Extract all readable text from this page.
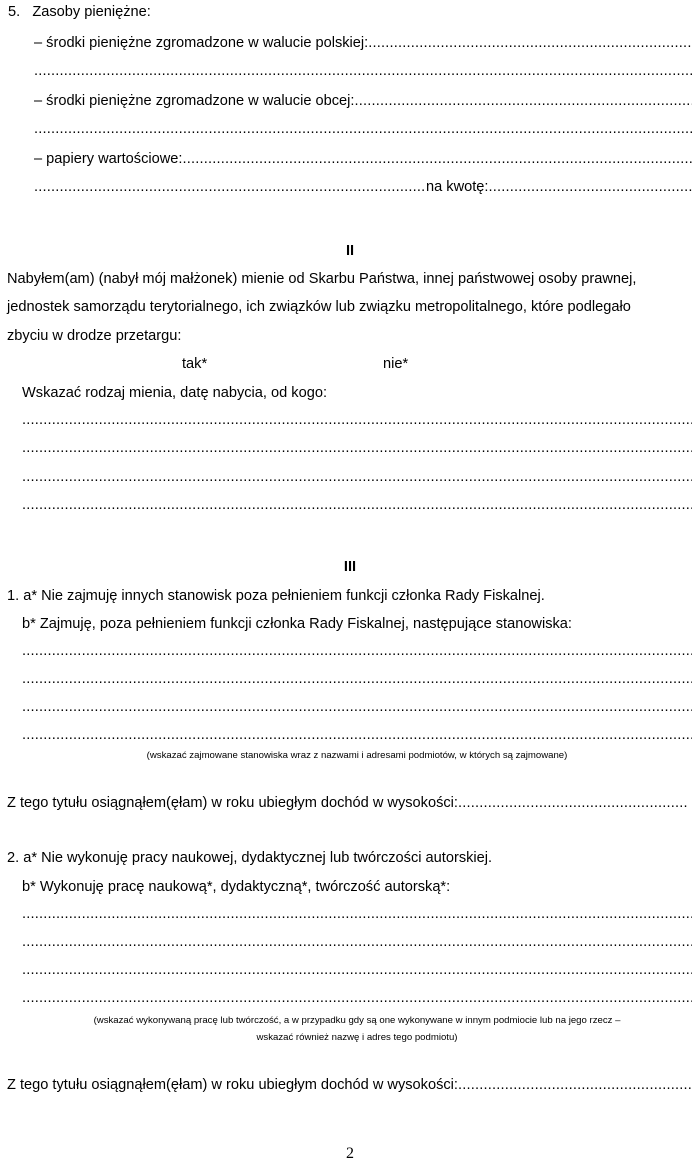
5.   Zasoby pieniężne:
– środki pieniężne zgromadzone w walucie polskiej:
.....
.....
– środki pieniężne zgromadzone w walucie obcej:
.....
.....
– papiery wartościowe:
.....
.....
na kwotę:
.....
II
Nabyłem(am) (nabył mój małżonek) mienie od Skarbu Państwa, innej państwowej osoby prawnej,
jednostek samorządu terytorialnego, ich związków lub związku metropolitalnego, które podlegało
zbyciu w drodze przetargu:
tak*	nie*
Wskazać rodzaj mienia, datę nabycia, od kogo:
.....
.....
.....
.....
III
1. a* Nie zajmuję innych stanowisk poza pełnieniem funkcji członka Rady Fiskalnej.
b* Zajmuję, poza pełnieniem funkcji członka Rady Fiskalnej, następujące stanowiska:
.....
.....
.....
.....
(wskazać zajmowane stanowiska wraz z nazwami i adresami podmiotów, w których są zajmowane)
Z tego tytułu osiągnąłem(ęłam) w roku ubiegłym dochód w wysokości:
.....
2. a* Nie wykonuję pracy naukowej, dydaktycznej lub twórczości autorskiej.
b* Wykonuję pracę naukową*, dydaktyczną*, twórczość autorską*:
.....
.....
.....
.....
(wskazać wykonywaną pracę lub twórczość, a w przypadku gdy są one wykonywane w innym podmiocie lub na jego rzecz –
wskazać również nazwę i adres tego podmiotu)
Z tego tytułu osiągnąłem(ęłam) w roku ubiegłym dochód w wysokości:
.....
2
